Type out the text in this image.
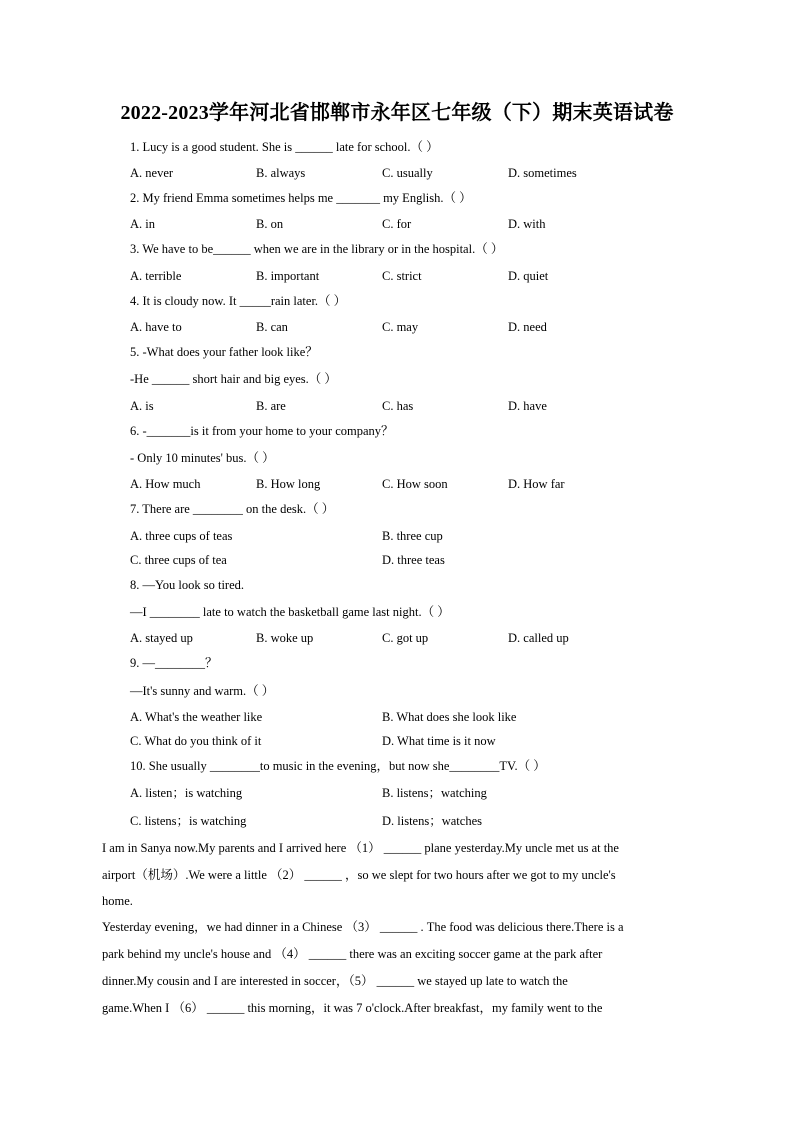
2022-2023学年河北省邯郸市永年区七年级（下）期末英语试卷
1. Lucy is a good student. She is ______ late for school.（ ）
A. never	B. always	C. usually	D. sometimes
2. My friend Emma sometimes helps me _______ my English.（ ）
A. in	B. on	C. for	D. with
3. We have to be______ when we are in the library or in the hospital.（ ）
A. terrible	B. important	C. strict	D. quiet
4. It is cloudy now. It _____rain later.（ ）
A. have to	B. can	C. may	D. need
5. -What does your father look like？
-He ______ short hair and big eyes.（ ）
A. is	B. are	C. has	D. have
6. -_______is it from your home to your company？
- Only 10 minutes' bus.（ ）
A. How much	B. How long	C. How soon	D. How far
7. There are ________ on the desk.（ ）
A. three cups of teas	B. three cup
C. three cups of tea	D. three teas
8. —You look so tired.
—I ________ late to watch the basketball game last night.（ ）
A. stayed up	B. woke up	C. got up	D. called up
9. —________？
—It's sunny and warm.（ ）
A. What's the weather like	B. What does she look like
C. What do you think of it	D. What time is it now
10. She usually ________to music in the evening，but now she________TV.（ ）
A. listen；is watching	B. listens；watching
C. listens；is watching	D. listens；watches
I am in Sanya now.My parents and I arrived here （1） ______ plane yesterday.My uncle met us at the
airport（机场）.We were a little （2） ______ ，so we slept for two hours after we got to my uncle's
home.
Yesterday evening，we had dinner in a Chinese （3） ______ . The food was delicious there.There is a
park behind my uncle's house and （4） ______ there was an exciting soccer game at the park after
dinner.My cousin and I are interested in soccer，（5） ______ we stayed up late to watch the
game.When I （6） ______ this morning，it was 7 o'clock.After breakfast，my family went to the
